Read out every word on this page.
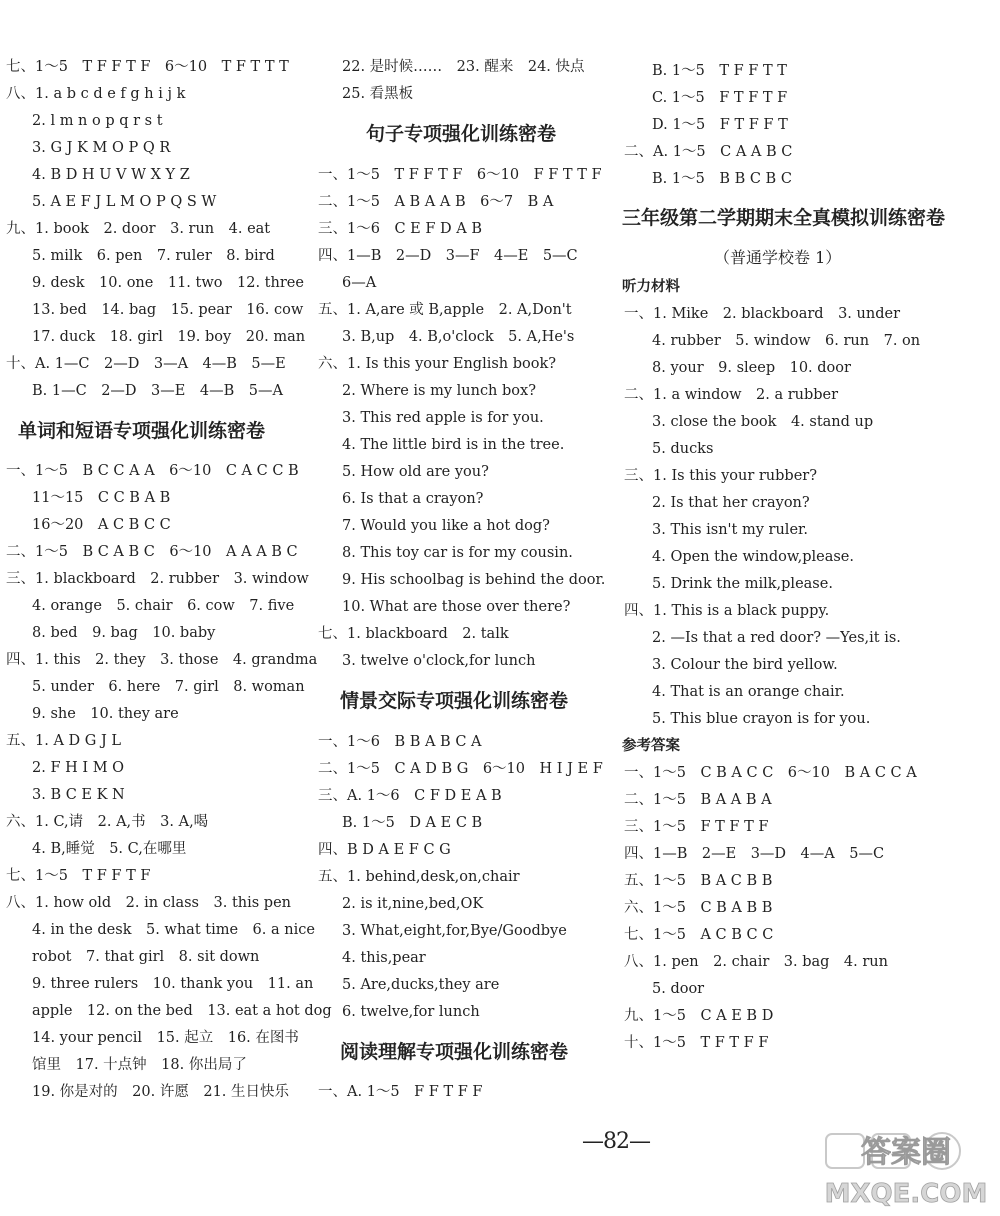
七、1～5　T F F T F　6～10　T F T T T
八、1. a b c d e f g h i j k
2. l m n o p q r s t
3. G J K M O P Q R
4. B D H U V W X Y Z
5. A E F J L M O P Q S W
九、1. book　2. door　3. run　4. eat
5. milk　6. pen　7. ruler　8. bird
9. desk　10. one　11. two　12. three
13. bed　14. bag　15. pear　16. cow
17. duck　18. girl　19. boy　20. man
十、A. 1—C　2—D　3—A　4—B　5—E
B. 1—C　2—D　3—E　4—B　5—A
单词和短语专项强化训练密卷
一、1～5　B C C A A　6～10　C A C C B
11～15　C C B A B
16～20　A C B C C
二、1～5　B C A B C　6～10　A A A B C
三、1. blackboard　2. rubber　3. window
4. orange　5. chair　6. cow　7. five
8. bed　9. bag　10. baby
四、1. this　2. they　3. those　4. grandma
5. under　6. here　7. girl　8. woman
9. she　10. they are
五、1. A D G J L
2. F H I M O
3. B C E K N
六、1. C,请　2. A,书　3. A,喝
4. B,睡觉　5. C,在哪里
七、1～5　T F F T F
八、1. how old　2. in class　3. this pen
4. in the desk　5. what time　6. a nice
robot　7. that girl　8. sit down
9. three rulers　10. thank you　11. an
apple　12. on the bed　13. eat a hot dog
14. your pencil　15. 起立　16. 在图书
馆里　17. 十点钟　18. 你出局了
19. 你是对的　20. 许愿　21. 生日快乐
22. 是时候……　23. 醒来　24. 快点
25. 看黑板
句子专项强化训练密卷
一、1～5　T F F T F　6～10　F F T T F
二、1～5　A B A A B　6～7　B A
三、1～6　C E F D A B
四、1—B　2—D　3—F　4—E　5—C
6—A
五、1. A,are 或 B,apple　2. A,Don't
3. B,up　4. B,o'clock　5. A,He's
六、1. Is this your English book?
2. Where is my lunch box?
3. This red apple is for you.
4. The little bird is in the tree.
5. How old are you?
6. Is that a crayon?
7. Would you like a hot dog?
8. This toy car is for my cousin.
9. His schoolbag is behind the door.
10. What are those over there?
七、1. blackboard　2. talk
3. twelve o'clock,for lunch
情景交际专项强化训练密卷
一、1～6　B B A B C A
二、1～5　C A D B G　6～10　H I J E F
三、A. 1～6　C F D E A B
B. 1～5　D A E C B
四、B D A E F C G
五、1. behind,desk,on,chair
2. is it,nine,bed,OK
3. What,eight,for,Bye/Goodbye
4. this,pear
5. Are,ducks,they are
6. twelve,for lunch
阅读理解专项强化训练密卷
一、A. 1～5　F F T F F
B. 1～5　T F F T T
C. 1～5　F T F T F
D. 1～5　F T F F T
二、A. 1～5　C A A B C
B. 1～5　B B C B C
三年级第二学期期末全真模拟训练密卷
（普通学校卷 1）
听力材料
一、1. Mike　2. blackboard　3. under
4. rubber　5. window　6. run　7. on
8. your　9. sleep　10. door
二、1. a window　2. a rubber
3. close the book　4. stand up
5. ducks
三、1. Is this your rubber?
2. Is that her crayon?
3. This isn't my ruler.
4. Open the window,please.
5. Drink the milk,please.
四、1. This is a black puppy.
2. —Is that a red door? —Yes,it is.
3. Colour the bird yellow.
4. That is an orange chair.
5. This blue crayon is for you.
参考答案
一、1～5　C B A C C　6～10　B A C C A
二、1～5　B A A B A
三、1～5　F T F T F
四、1—B　2—E　3—D　4—A　5—C
五、1～5　B A C B B
六、1～5　C B A B B
七、1～5　A C B C C
八、1. pen　2. chair　3. bag　4. run
5. door
九、1～5　C A E B D
十、1～5　T F T F F
—82—	答案圈
MXQE.COM
